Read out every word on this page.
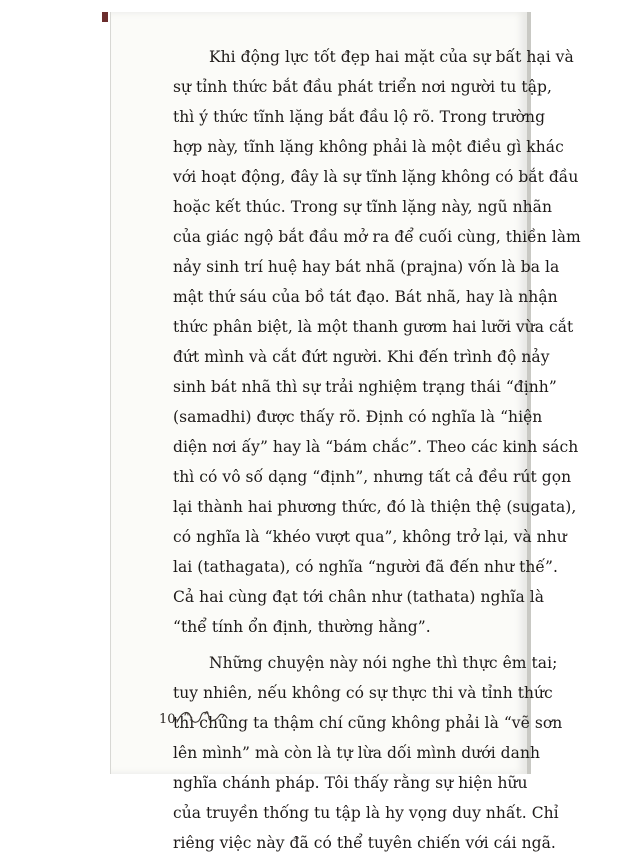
Khi động lực tốt đẹp hai mặt của sự bất hại và
sự tỉnh thức bắt đầu phát triển nơi người tu tập,
thì ý thức tĩnh lặng bắt đầu lộ rõ. Trong trường
hợp này, tĩnh lặng không phải là một điều gì khác
với hoạt động, đây là sự tĩnh lặng không có bắt đầu
hoặc kết thúc. Trong sự tĩnh lặng này, ngũ nhãn
của giác ngộ bắt đầu mở ra để cuối cùng, thiền làm
nảy sinh trí huệ hay bát nhã (prajna) vốn là ba la
mật thứ sáu của bồ tát đạo. Bát nhã, hay là nhận
thức phân biệt, là một thanh gươm hai lưỡi vừa cắt
đứt mình và cắt đứt người. Khi đến trình độ nảy
sinh bát nhã thì sự trải nghiệm trạng thái “định”
(samadhi) được thấy rõ. Định có nghĩa là “hiện
diện nơi ấy” hay là “bám chắc”. Theo các kinh sách
thì có vô số dạng “định”, nhưng tất cả đều rút gọn
lại thành hai phương thức, đó là thiện thệ (sugata),
có nghĩa là “khéo vượt qua”, không trở lại, và như
lai (tathagata), có nghĩa “người đã đến như thế”.
Cả hai cùng đạt tới chân như (tathata) nghĩa là
“thể tính ổn định, thường hằng”.
Những chuyện này nói nghe thì thực êm tai;
tuy nhiên, nếu không có sự thực thi và tỉnh thức
thì chúng ta thậm chí cũng không phải là “vẽ sơn
lên mình” mà còn là tự lừa dối mình dưới danh
nghĩa chánh pháp. Tôi thấy rằng sự hiện hữu
của truyền thống tu tập là hy vọng duy nhất. Chỉ
riêng việc này đã có thể tuyên chiến với cái ngã.
10
